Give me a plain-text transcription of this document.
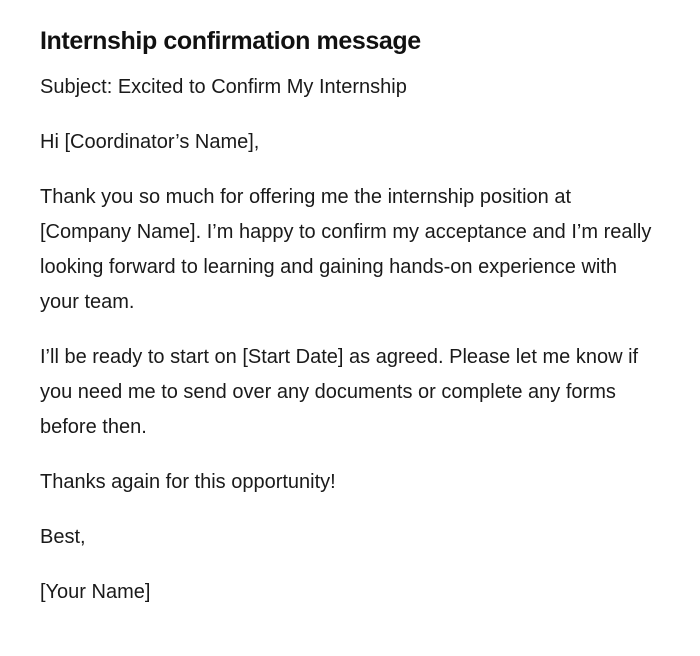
Internship confirmation message

Subject: Excited to Confirm My Internship

Hi [Coordinator’s Name],

Thank you so much for offering me the internship position at [Company Name]. I’m happy to confirm my acceptance and I’m really looking forward to learning and gaining hands-on experience with your team.

I’ll be ready to start on [Start Date] as agreed. Please let me know if you need me to send over any documents or complete any forms before then.

Thanks again for this opportunity!

Best,

[Your Name]
